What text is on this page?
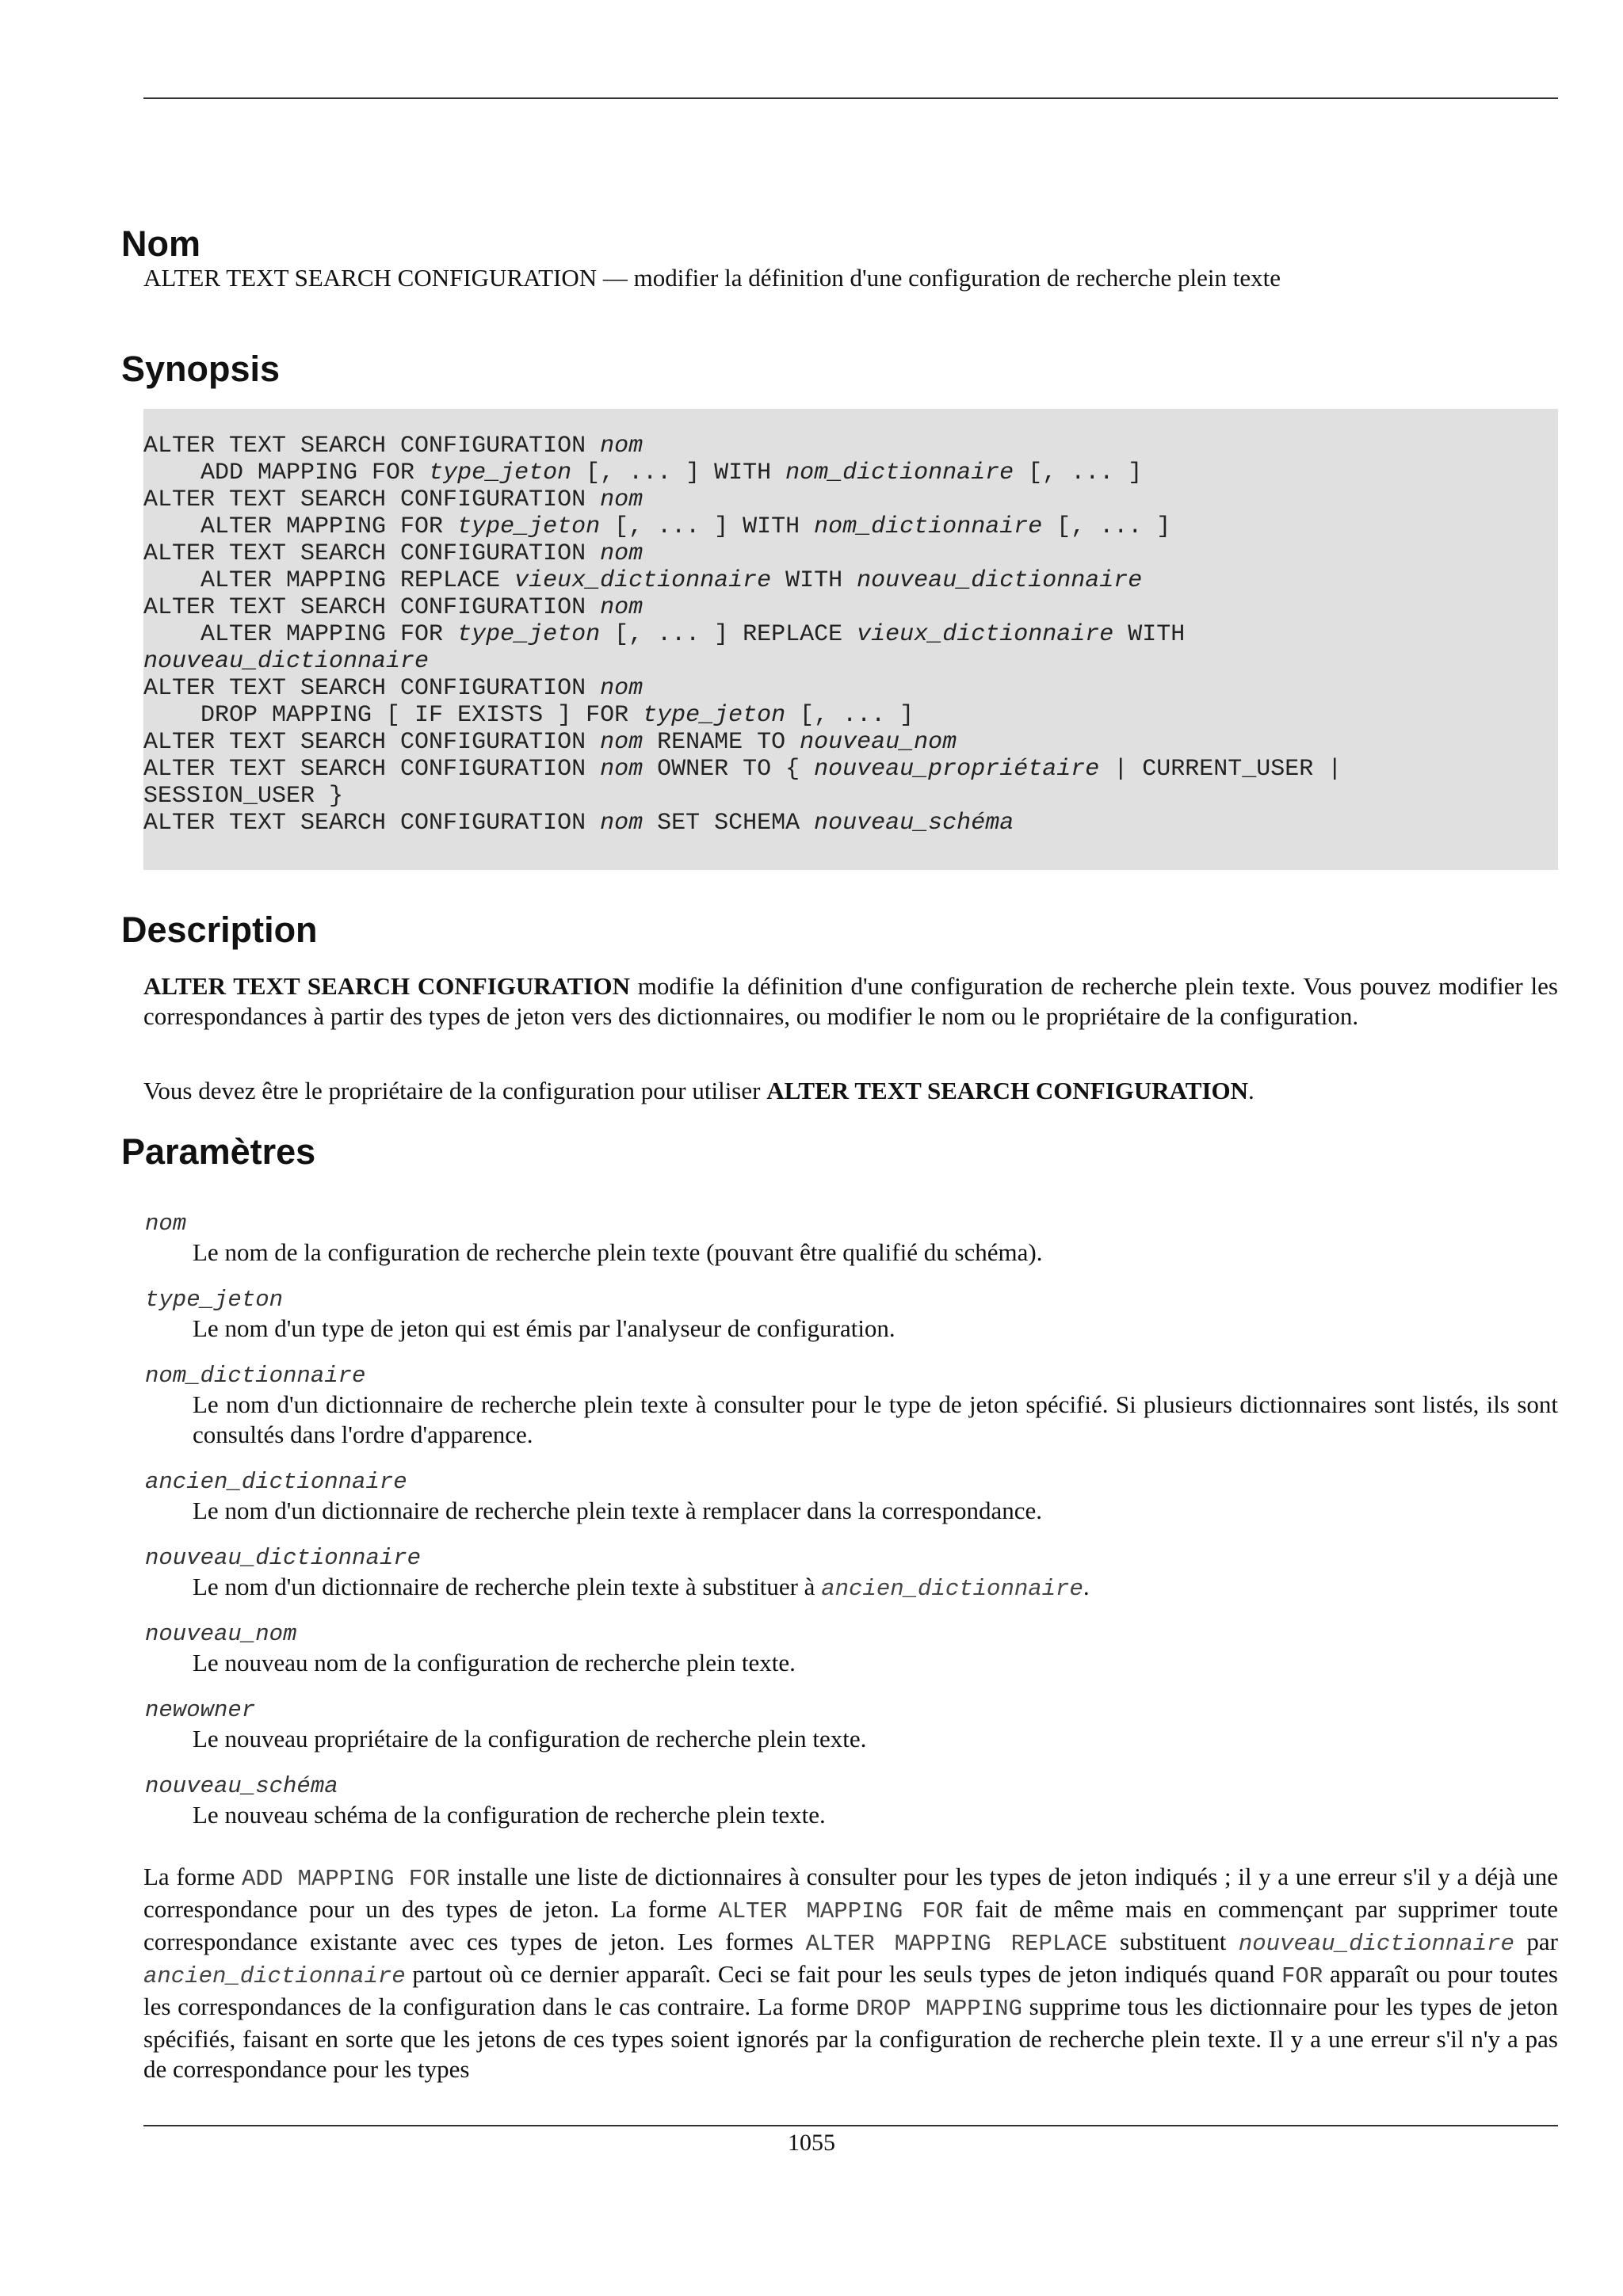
Nom
ALTER TEXT SEARCH CONFIGURATION — modifier la définition d'une configuration de recherche plein texte
Synopsis
ALTER TEXT SEARCH CONFIGURATION nom
ADD MAPPING FOR type_jeton [, ... ] WITH nom_dictionnaire [, ... ]
ALTER TEXT SEARCH CONFIGURATION nom
ALTER MAPPING FOR type_jeton [, ... ] WITH nom_dictionnaire [, ... ]
ALTER TEXT SEARCH CONFIGURATION nom
ALTER MAPPING REPLACE vieux_dictionnaire WITH nouveau_dictionnaire
ALTER TEXT SEARCH CONFIGURATION nom
ALTER MAPPING FOR type_jeton [, ... ] REPLACE vieux_dictionnaire WITH
nouveau_dictionnaire
ALTER TEXT SEARCH CONFIGURATION nom
DROP MAPPING [ IF EXISTS ] FOR type_jeton [, ... ]
ALTER TEXT SEARCH CONFIGURATION nom RENAME TO nouveau_nom
ALTER TEXT SEARCH CONFIGURATION nom OWNER TO { nouveau_propriétaire | CURRENT_USER |
SESSION_USER }
ALTER TEXT SEARCH CONFIGURATION nom SET SCHEMA nouveau_schéma
Description
ALTER TEXT SEARCH CONFIGURATION modifie la définition d'une configuration de recherche plein texte. Vous pouvez modifier les correspondances à partir des types de jeton vers des dictionnaires, ou modifier le nom ou le propriétaire de la configuration.
Vous devez être le propriétaire de la configuration pour utiliser ALTER TEXT SEARCH CONFIGURATION.
Paramètres
nom
Le nom de la configuration de recherche plein texte (pouvant être qualifié du schéma).
type_jeton
Le nom d'un type de jeton qui est émis par l'analyseur de configuration.
nom_dictionnaire
Le nom d'un dictionnaire de recherche plein texte à consulter pour le type de jeton spécifié. Si plusieurs dictionnaires sont listés, ils sont consultés dans l'ordre d'apparence.
ancien_dictionnaire
Le nom d'un dictionnaire de recherche plein texte à remplacer dans la correspondance.
nouveau_dictionnaire
Le nom d'un dictionnaire de recherche plein texte à substituer à ancien_dictionnaire.
nouveau_nom
Le nouveau nom de la configuration de recherche plein texte.
newowner
Le nouveau propriétaire de la configuration de recherche plein texte.
nouveau_schéma
Le nouveau schéma de la configuration de recherche plein texte.
La forme ADD MAPPING FOR installe une liste de dictionnaires à consulter pour les types de jeton indiqués ; il y a une erreur s'il y a déjà une correspondance pour un des types de jeton. La forme ALTER MAPPING FOR fait de même mais en commençant par supprimer toute correspondance existante avec ces types de jeton. Les formes ALTER MAPPING REPLACE substituent nouveau_dictionnaire par ancien_dictionnaire partout où ce dernier apparaît. Ceci se fait pour les seuls types de jeton indiqués quand FOR apparaît ou pour toutes les correspondances de la configuration dans le cas contraire. La forme DROP MAPPING supprime tous les dictionnaire pour les types de jeton spécifiés, faisant en sorte que les jetons de ces types soient ignorés par la configuration de recherche plein texte. Il y a une erreur s'il n'y a pas de correspondance pour les types
1055
